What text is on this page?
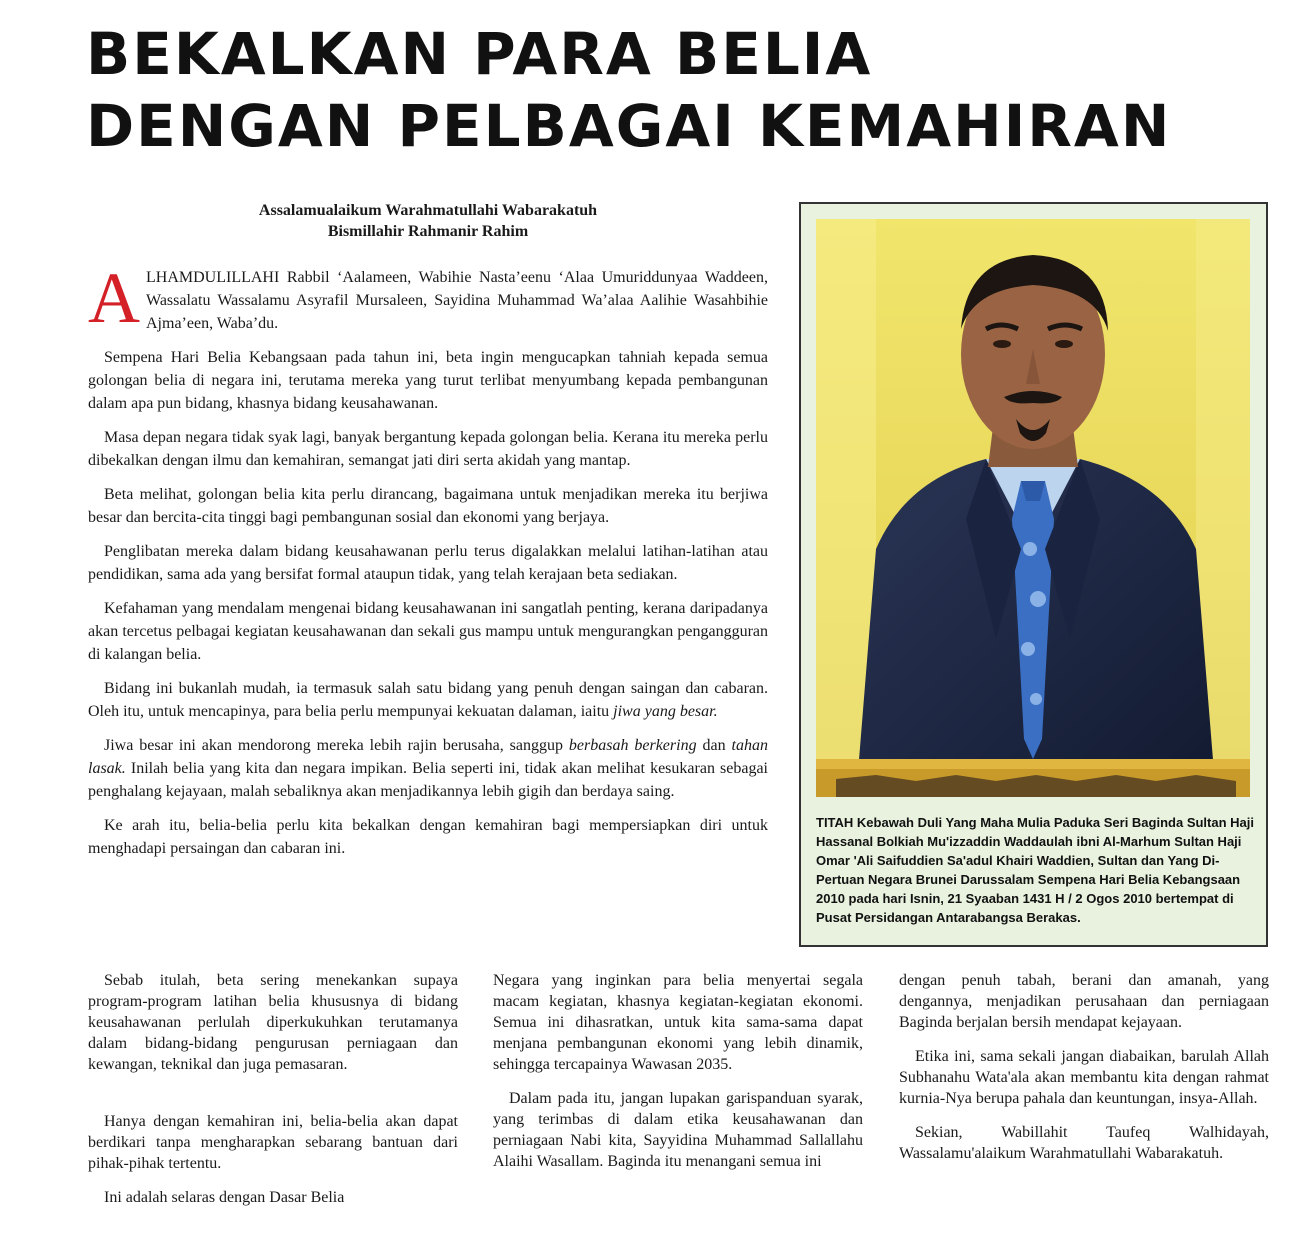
BEKALKAN PARA BELIA
DENGAN PELBAGAI KEMAHIRAN
Assalamualaikum Warahmatullahi Wabarakatuh
Bismillahir Rahmanir Rahim

ALHAMDULILLAHI Rabbil ‘Aalameen, Wabihie Nasta’eenu ‘Alaa Umuriddunyaa Waddeen, Wassalatu Wassalamu Asyrafil Mursaleen, Sayidina Muhammad Wa’alaa Aalihie Wasahbihie Ajma’een, Waba’du.

Sempena Hari Belia Kebangsaan pada tahun ini, beta ingin mengucapkan tahniah kepada semua golongan belia di negara ini, terutama mereka yang turut terlibat menyumbang kepada pembangunan dalam apa pun bidang, khasnya bidang keusahawanan.

Masa depan negara tidak syak lagi, banyak bergantung kepada golongan belia. Kerana itu mereka perlu dibekalkan dengan ilmu dan kemahiran, semangat jati diri serta akidah yang mantap.

Beta melihat, golongan belia kita perlu dirancang, bagaimana untuk menjadikan mereka itu berjiwa besar dan bercita-cita tinggi bagi pembangunan sosial dan ekonomi yang berjaya.

Penglibatan mereka dalam bidang keusahawanan perlu terus digalakkan melalui latihan-latihan atau pendidikan, sama ada yang bersifat formal ataupun tidak, yang telah kerajaan beta sediakan.

Kefahaman yang mendalam mengenai bidang keusahawanan ini sangatlah penting, kerana daripadanya akan tercetus pelbagai kegiatan keusahawanan dan sekali gus mampu untuk mengurangkan pengangguran di kalangan belia.

Bidang ini bukanlah mudah, ia termasuk salah satu bidang yang penuh dengan saingan dan cabaran. Oleh itu, untuk mencapinya, para belia perlu mempunyai kekuatan dalaman, iaitu jiwa yang besar.

Jiwa besar ini akan mendorong mereka lebih rajin berusaha, sanggup berbasah berkering dan tahan lasak. Inilah belia yang kita dan negara impikan. Belia seperti ini, tidak akan melihat kesukaran sebagai penghalang kejayaan, malah sebaliknya akan menjadikannya lebih gigih dan berdaya saing.

Ke arah itu, belia-belia perlu kita bekalkan dengan kemahiran bagi mempersiapkan diri untuk menghadapi persaingan dan cabaran ini.

TITAH Kebawah Duli Yang Maha Mulia Paduka Seri Baginda Sultan Haji Hassanal Bolkiah Mu'izzaddin Waddaulah ibni Al-Marhum Sultan Haji Omar 'Ali Saifuddien Sa'adul Khairi Waddien, Sultan dan Yang Di-Pertuan Negara Brunei Darussalam Sempena Hari Belia Kebangsaan 2010 pada hari Isnin, 21 Syaaban 1431 H / 2 Ogos 2010 bertempat di Pusat Persidangan Antarabangsa Berakas.

Sebab itulah, beta sering menekankan supaya program-program latihan belia khususnya di bidang keusahawanan perlulah diperkukuhkan terutamanya dalam bidang-bidang pengurusan perniagaan dan kewangan, teknikal dan juga pemasaran.

Hanya dengan kemahiran ini, belia-belia akan dapat berdikari tanpa mengharapkan sebarang bantuan dari pihak-pihak tertentu.

Ini adalah selaras dengan Dasar Belia

Negara yang inginkan para belia menyertai segala macam kegiatan, khasnya kegiatan-kegiatan ekonomi. Semua ini dihasratkan, untuk kita sama-sama dapat menjana pembangunan ekonomi yang lebih dinamik, sehingga tercapainya Wawasan 2035.

Dalam pada itu, jangan lupakan garispanduan syarak, yang terimbas di dalam etika keusahawanan dan perniagaan Nabi kita, Sayyidina Muhammad Sallallahu Alaihi Wasallam. Baginda itu menangani semua ini

dengan penuh tabah, berani dan amanah, yang dengannya, menjadikan perusahaan dan perniagaan Baginda berjalan bersih mendapat kejayaan.

Etika ini, sama sekali jangan diabaikan, barulah Allah Subhanahu Wata'ala akan membantu kita dengan rahmat kurnia-Nya berupa pahala dan keuntungan, insya-Allah.

Sekian, Wabillahit Taufeq Walhidayah, Wassalamu'alaikum Warahmatullahi Wabarakatuh.
